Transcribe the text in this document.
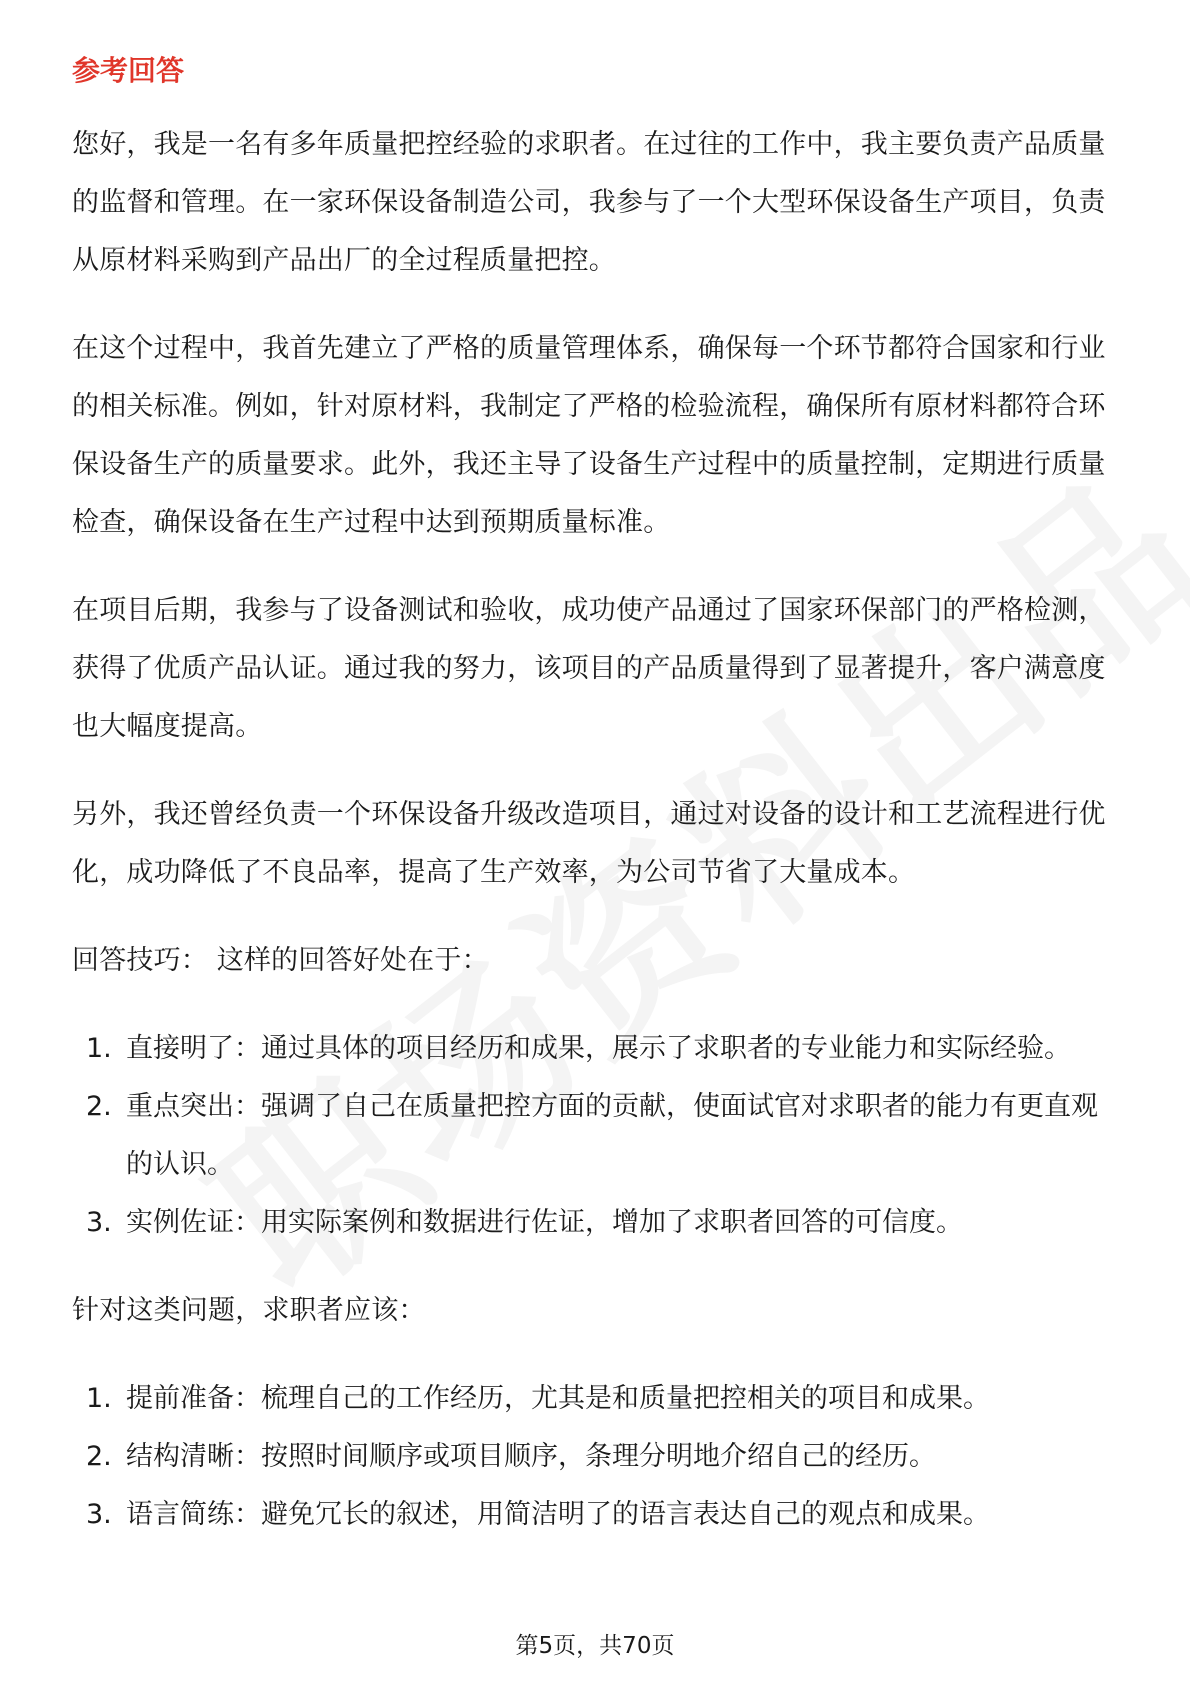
参考回答

您好，我是一名有多年质量把控经验的求职者。在过往的工作中，我主要负责产品质量的监督和管理。在一家环保设备制造公司，我参与了一个大型环保设备生产项目，负责从原材料采购到产品出厂的全过程质量把控。

在这个过程中，我首先建立了严格的质量管理体系，确保每一个环节都符合国家和行业的相关标准。例如，针对原材料，我制定了严格的检验流程，确保所有原材料都符合环保设备生产的质量要求。此外，我还主导了设备生产过程中的质量控制，定期进行质量检查，确保设备在生产过程中达到预期质量标准。

在项目后期，我参与了设备测试和验收，成功使产品通过了国家环保部门的严格检测，获得了优质产品认证。通过我的努力，该项目的产品质量得到了显著提升，客户满意度也大幅度提高。

另外，我还曾经负责一个环保设备升级改造项目，通过对设备的设计和工艺流程进行优化，成功降低了不良品率，提高了生产效率，为公司节省了大量成本。

回答技巧： 这样的回答好处在于：

1. 直接明了：通过具体的项目经历和成果，展示了求职者的专业能力和实际经验。
2. 重点突出：强调了自己在质量把控方面的贡献，使面试官对求职者的能力有更直观的认识。
3. 实例佐证：用实际案例和数据进行佐证，增加了求职者回答的可信度。

针对这类问题，求职者应该：

1. 提前准备：梳理自己的工作经历，尤其是和质量把控相关的项目和成果。
2. 结构清晰：按照时间顺序或项目顺序，条理分明地介绍自己的经历。
3. 语言简练：避免冗长的叙述，用简洁明了的语言表达自己的观点和成果。
第5页，共70页
